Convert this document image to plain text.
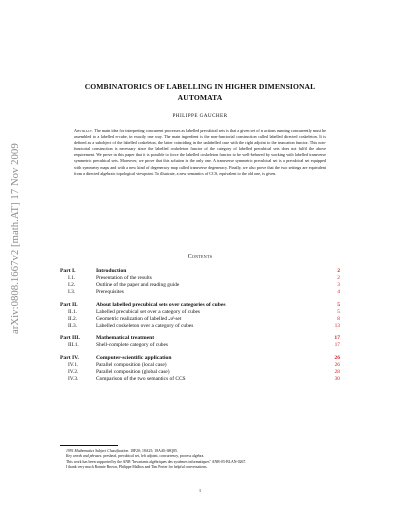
arXiv:0808.1667v2 [math.AT] 17 Nov 2009
COMBINATORICS OF LABELLING IN HIGHER DIMENSIONAL
AUTOMATA
PHILIPPE GAUCHER
Abstract. The main idea for interpreting concurrent processes as labelled precubical sets is that a given set of n actions running concurrently must be assembled to a labelled n-cube, in exactly one way. The main ingredient is the non-functorial construction called labelled directed coskeleton. It is defined as a subobject of the labelled coskeleton, the latter coinciding in the unlabelled case with the right adjoint to the truncation functor. This non-functorial construction is necessary since the labelled coskeleton functor of the category of labelled precubical sets does not fulfil the above requirement. We prove in this paper that it is possible to force the labelled coskeleton functor to be well-behaved by working with labelled transverse symmetric precubical sets. Moreover, we prove that this solution is the only one. A transverse symmetric precubical set is a precubical set equipped with symmetry maps and with a new kind of degeneracy map called transverse degeneracy. Finally, we also prove that the two settings are equivalent from a directed algebraic topological viewpoint. To illustrate, a new semantics of CCS, equivalent to the old one, is given.
Contents
Part I.	Introduction	2
I.1.	Presentation of the results	2
I.2.	Outline of the paper and reading guide	3
I.3.	Prerequisites	4
Part II.	About labelled precubical sets over categories of cubes	5
II.1.	Labelled precubical set over a category of cubes	5
II.2.	Geometric realization of labelled 𝒜-set	8
II.3.	Labelled coskeleton over a category of cubes	13
Part III.	Mathematical treatment	17
III.1.	Shell-complete category of cubes	17
Part IV.	Computer-scientific application	26
IV.1.	Parallel composition (local case)	26
IV.2.	Parallel composition (global case)	28
IV.3.	Comparison of the two semantics of CCS	30

1991 Mathematics Subject Classification. 18F20; 18A25; 18A40; 68Q85.

Key words and phrases. presheaf, precubical set, left adjoint, concurrency, process algebra.

This work has been supported by the ANR "Invariants algébriques des systèmes informatiques" ANR-05-BLAN-0267.

I thank very much Ronnie Brown, Philippe Malbos and Tim Porter for helpful conversations.

1
